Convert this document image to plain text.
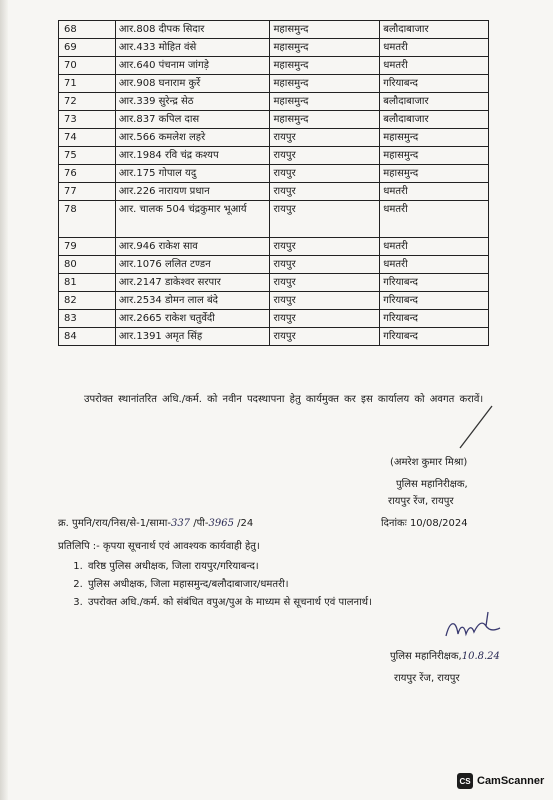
68	आर.808 दीपक सिदार	महासमुन्द	बलौदाबाजार
69	आर.433 मोहित वंसे	महासमुन्द	धमतरी
70	आर.640 पंचनाम जांगड़े	महासमुन्द	धमतरी
71	आर.908 घनाराम कुर्रे	महासमुन्द	गरियाबन्द
72	आर.339 सुरेन्द्र सेठ	महासमुन्द	बलौदाबाजार
73	आर.837 कपिल दास	महासमुन्द	बलौदाबाजार
74	आर.566 कमलेश लहरे	रायपुर	महासमुन्द
75	आर.1984 रवि चंद्र कश्यप	रायपुर	महासमुन्द
76	आर.175 गोपाल यदु	रायपुर	महासमुन्द
77	आर.226 नारायण प्रधान	रायपुर	धमतरी
78	आर. चालक 504 चंद्रकुमार भूआर्य	रायपुर	धमतरी
79	आर.946 राकेश साव	रायपुर	धमतरी
80	आर.1076 ललित टण्डन	रायपुर	धमतरी
81	आर.2147 डाकेश्वर सरपार	रायपुर	गरियाबन्द
82	आर.2534 डोमन लाल बंदे	रायपुर	गरियाबन्द
83	आर.2665 राकेश चतुर्वेदी	रायपुर	गरियाबन्द
84	आर.1391 अमृत सिंह	रायपुर	गरियाबन्द
उपरोक्त स्थानांतरित अधि./कर्म. को नवीन पदस्थापना हेतु कार्यमुक्त कर इस कार्यालय को अवगत करावें।
(अमरेश कुमार मिश्रा)
पुलिस महानिरीक्षक,
रायपुर रेंज, रायपुर
क्र. पुमनि/राय/निस/से-1/सामा-337 /पी-3965 /24	दिनांकः 10/08/2024
प्रतिलिपि :- कृपया सूचनार्थ एवं आवश्यक कार्यवाही हेतु।
1. वरिष्ठ पुलिस अधीक्षक, जिला रायपुर/गरियाबन्द।
2. पुलिस अधीक्षक, जिला महासमुन्द/बलौदाबाजार/धमतरी।
3. उपरोक्त अधि./कर्म. को संबंधित वपुअ/पुअ के माध्यम से सूचनार्थ एवं पालनार्थ।
पुलिस महानिरीक्षक,10.8.24
रायपुर रेंज, रायपुर
CS CamScanner
